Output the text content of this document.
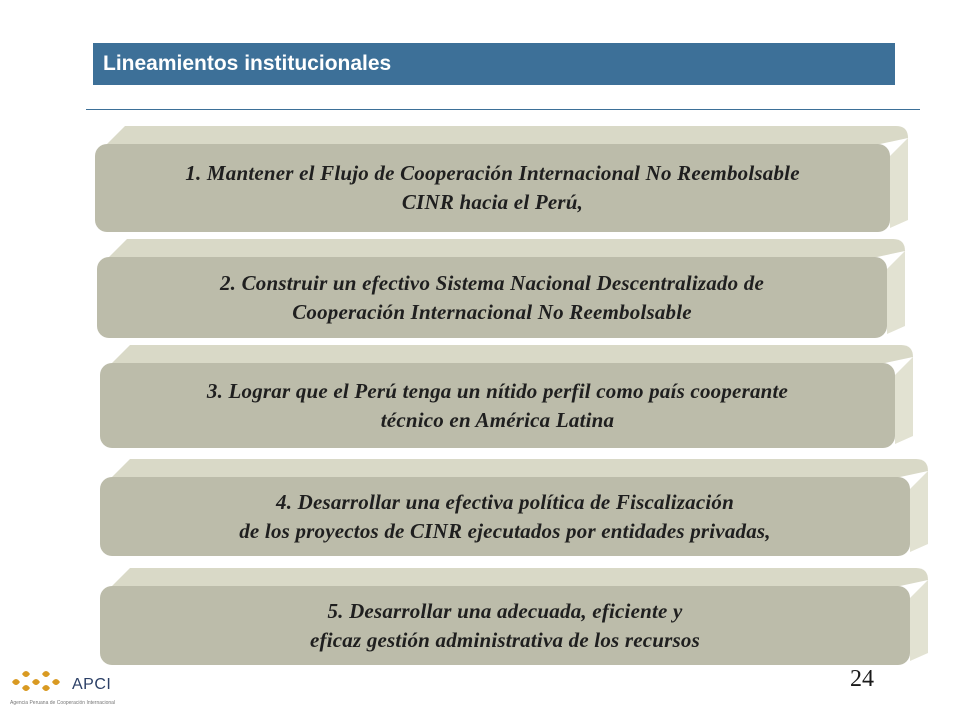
Lineamientos institucionales
1. Mantener el Flujo de Cooperación Internacional No Reembolsable
CINR hacia el Perú,
2. Construir un efectivo Sistema Nacional Descentralizado de
Cooperación Internacional No Reembolsable
3. Lograr que el Perú tenga un nítido perfil como país cooperante
técnico en América Latina
4. Desarrollar una efectiva política de Fiscalización
de los proyectos de CINR ejecutados por entidades privadas,
5. Desarrollar una adecuada, eficiente y
eficaz gestión administrativa de los recursos
APCI
Agencia Peruana de Cooperación Internacional
24
